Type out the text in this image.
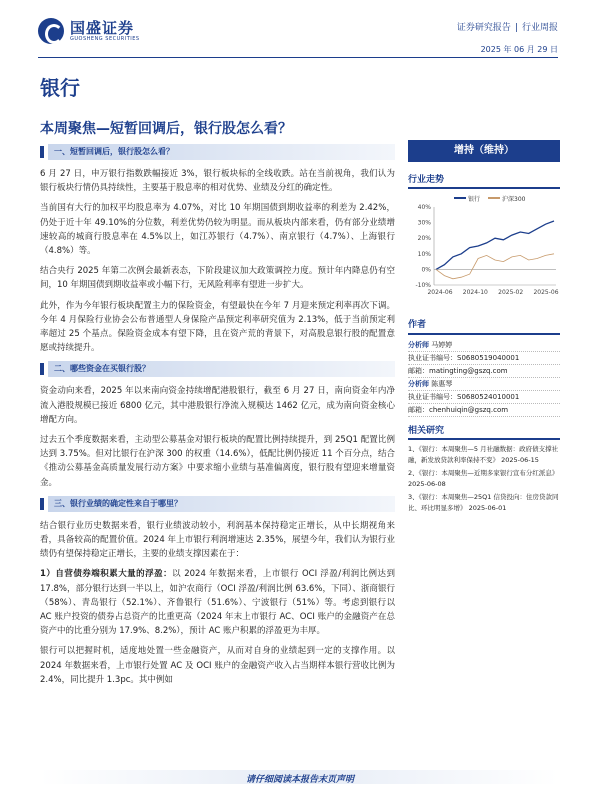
国盛证券
GUOSHENG SECURITIES
证券研究报告 | 行业周报
2025 年 06 月 29 日
银行
本周聚焦—短暂回调后，银行股怎么看？
一、短暂回调后，银行股怎么看？
6 月 27 日，申万银行指数跌幅接近 3%，银行板块标的全线收跌。站在当前视角，我们认为银行板块行情仍具持续性，主要基于股息率的相对优势、业绩及分红的确定性。
当前国有大行的加权平均股息率为 4.07%，对比 10 年期国债到期收益率的利差为 2.42%，仍处于近十年 49.10%的分位数，利差优势仍较为明显。而从板块内部来看，仍有部分业绩增速较高的城商行股息率在 4.5%以上，如江苏银行（4.7%）、南京银行（4.7%）、上海银行（4.8%）等。
结合央行 2025 年第二次例会最新表态，下阶段建议加大政策调控力度。预计年内降息仍有空间，10 年期国债到期收益率或小幅下行，无风险利率有望进一步扩大。
此外，作为今年银行板块配置主力的保险资金，有望最快在今年 7 月迎来预定利率再次下调。今年 4 月保险行业协会公布普通型人身保险产品预定利率研究值为 2.13%，低于当前预定利率超过 25 个基点。保险资金成本有望下降，且在资产荒的背景下，对高股息银行股的配置意愿或持续提升。
二、哪些资金在买银行股？
资金动向来看，2025 年以来南向资金持续增配港股银行，截至 6 月 27 日，南向资金年内净流入港股规模已接近 6800 亿元，其中港股银行净流入规模达 1462 亿元，成为南向资金核心增配方向。
过去五个季度数据来看，主动型公募基金对银行板块的配置比例持续提升，到 25Q1 配置比例达到 3.75%。但对比银行在沪深 300 的权重（14.6%），低配比例仍接近 11 个百分点，结合《推动公募基金高质量发展行动方案》中要求缩小业绩与基准偏离度，银行股有望迎来增量资金。
三、银行业绩的确定性来自于哪里？
结合银行业历史数据来看，银行业绩波动较小，利润基本保持稳定正增长，从中长期视角来看，具备较高的配置价值。2024 年上市银行利润增速达 2.35%，展望今年，我们认为银行业绩仍有望保持稳定正增长，主要的业绩支撑因素在于：
1）自营债券端积累大量的浮盈：以 2024 年数据来看，上市银行 OCI 浮盈/利润比例达到 17.8%，部分银行达到一半以上，如沪农商行（OCI 浮盈/利润比例 63.6%，下同）、浙商银行（58%）、青岛银行（52.1%）、齐鲁银行（51.6%）、宁波银行（51%）等。考虑到银行以 AC 账户投资的债券占总资产的比重更高（2024 年末上市银行 AC、OCI 账户的金融资产在总资产中的比重分别为 17.9%、8.2%），预计 AC 账户积累的浮盈更为丰厚。
银行可以把握时机，适度地处置一些金融资产，从而对自身的业绩起到一定的支撑作用。以 2024 年数据来看，上市银行处置 AC 及 OCI 账户的金融资产收入占当期样本银行营收比例为 2.4%，同比提升 1.3pc。其中例如
增持（维持）
行业走势
银行	沪深300
40%
30%
20%
10%
0%
-10%
2024-06 2024-10 2025-02 2025-06
作者
分析师 马婷婷
执业证书编号：S0680519040001
邮箱：matingting@gszq.com
分析师 陈惠琴
执业证书编号：S0680524010001
邮箱：chenhuiqin@gszq.com
相关研究
1、《银行：本周聚焦—5 月社融数据：政府债支撑社融，新发放贷款利率保持不变》 2025-06-15
2、《银行：本周聚焦—近期多家银行宣布分红派息》 2025-06-08
3、《银行：本周聚焦—25Q1 信贷投向：住房贷款同比、环比明显多增》 2025-06-01
请仔细阅读本报告末页声明
